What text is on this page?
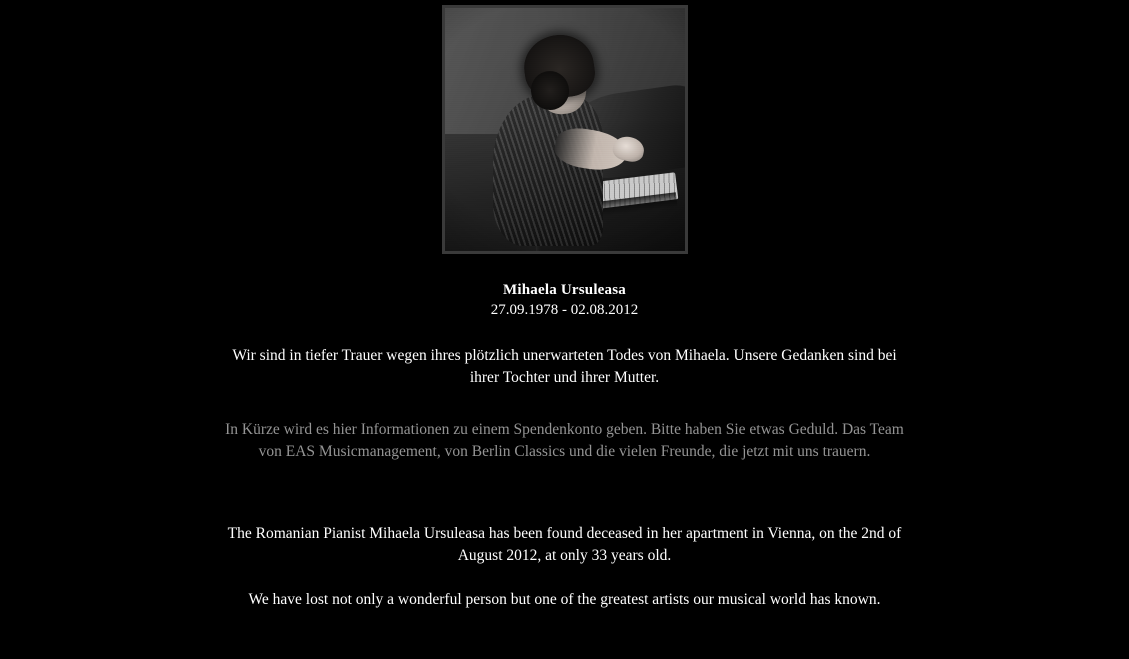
Mihaela Ursuleasa
27.09.1978 - 02.08.2012

Wir sind in tiefer Trauer wegen ihres plötzlich unerwarteten Todes von Mihaela. Unsere Gedanken sind bei ihrer Tochter und ihrer Mutter.

In Kürze wird es hier Informationen zu einem Spendenkonto geben. Bitte haben Sie etwas Geduld. Das Team von EAS Musicmanagement, von Berlin Classics und die vielen Freunde, die jetzt mit uns trauern.

The Romanian Pianist Mihaela Ursuleasa has been found deceased in her apartment in Vienna, on the 2nd of August 2012, at only 33 years old.

We have lost not only a wonderful person but one of the greatest artists our musical world has known.
